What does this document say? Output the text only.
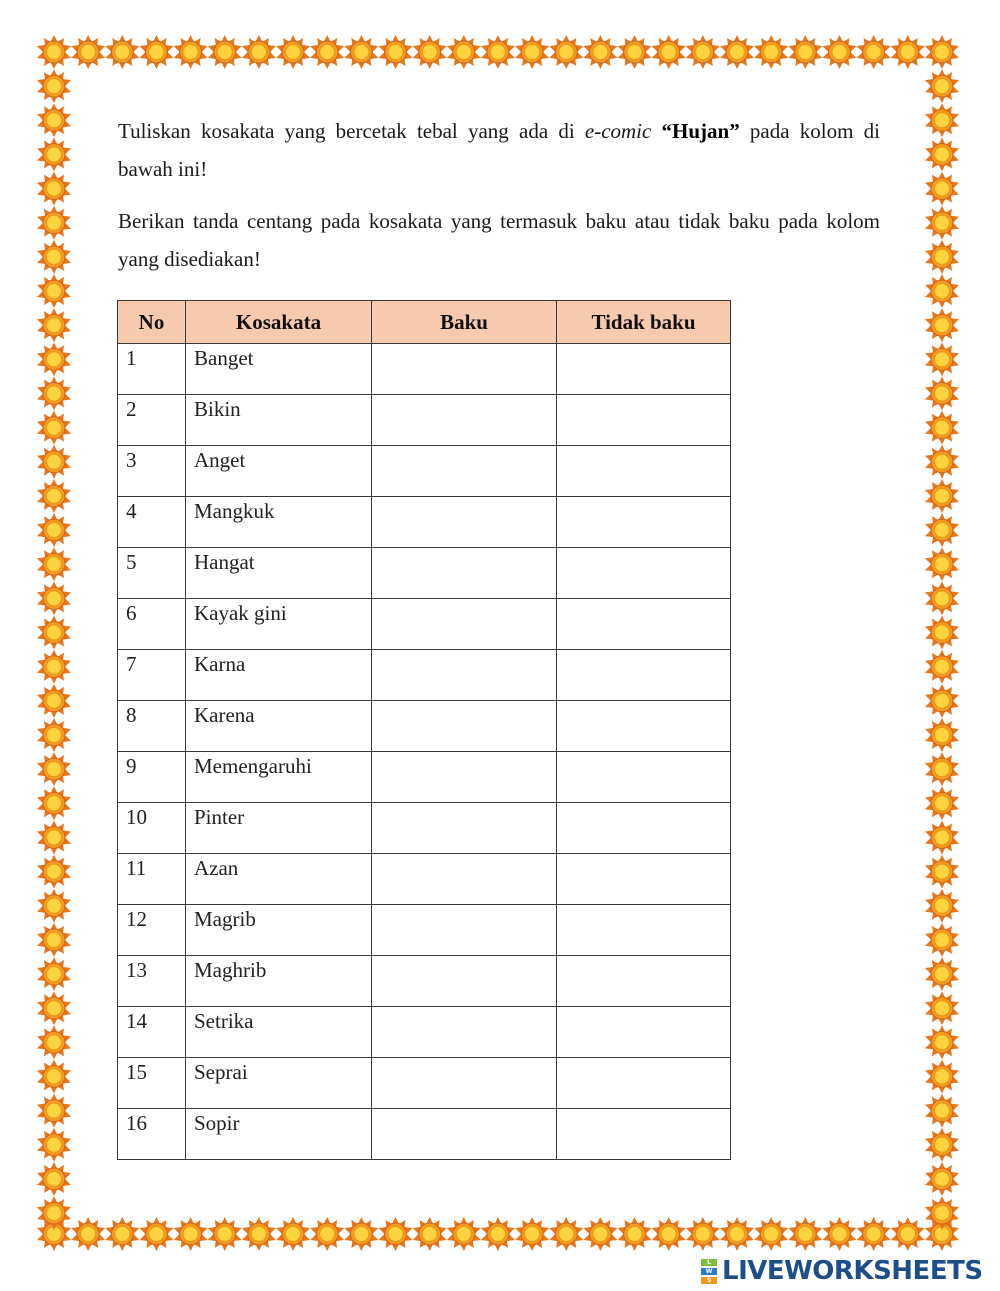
Tuliskan kosakata yang bercetak tebal yang ada di e-comic “Hujan” pada kolom di bawah ini!

Berikan tanda centang pada kosakata yang termasuk baku atau tidak baku pada kolom yang disediakan!

No	Kosakata	Baku	Tidak baku
1	Banget		
2	Bikin		
3	Anget		
4	Mangkuk		
5	Hangat		
6	Kayak gini		
7	Karna		
8	Karena		
9	Memengaruhi		
10	Pinter		
11	Azan		
12	Magrib		
13	Maghrib		
14	Setrika		
15	Seprai		
16	Sopir		
L
W
S LIVEWORKSHEETS
